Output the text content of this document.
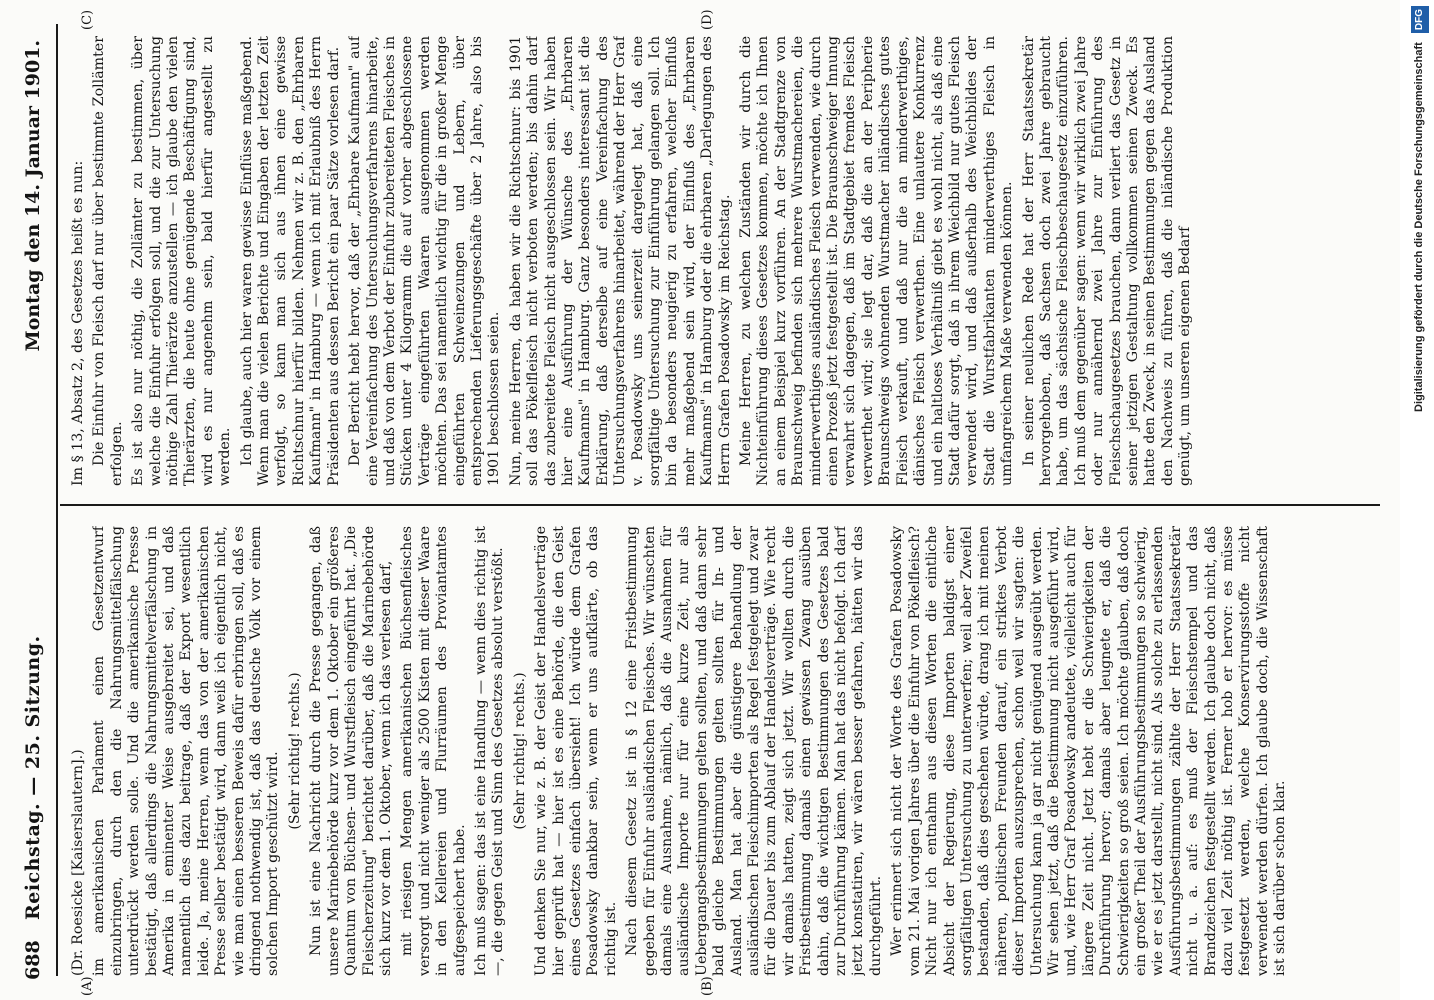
688
Reichstag. — 25. Sitzung.
Montag den 14. Januar 1901.
(A)	(B)
(C)	(D)

(Dr. Roesicke [Kaiserslautern].) im amerikanischen Parlament einen Gesetzentwurf einzubringen, durch den die Nahrungsmittelfälschung unterdrückt werden solle. Und die amerikanische Presse bestätigt, daß allerdings die Nahrungsmittelverfälschung in Amerika in eminenter Weise ausgebreitet sei, und daß namentlich dies dazu beitrage, daß der Export wesentlich leide. Ja, meine Herren, wenn das von der amerikanischen Presse selber bestätigt wird, dann weiß ich eigentlich nicht, wie man einen besseren Beweis dafür erbringen soll, daß es dringend nothwendig ist, daß das deutsche Volk vor einem solchen Import geschützt wird.

(Sehr richtig! rechts.) Nun ist eine Nachricht durch die Presse gegangen, daß unsere Marinebehörde kurz vor dem 1. Oktober ein größeres Quantum von Büchsen- und Wurstfleisch eingeführt hat. „Die Fleischerzeitung" berichtet darüber, daß die Marinebehörde sich kurz vor dem 1. Oktober, wenn ich das verlesen darf, mit riesigen Mengen amerikanischen Büchsenfleisches versorgt und nicht weniger als 2500 Kisten mit dieser Waare in den Kellereien und Flurräumen des Proviantamtes aufgespeichert habe. Ich muß sagen: das ist eine Handlung — wenn dies richtig ist —, die gegen Geist und Sinn des Gesetzes absolut verstößt. (Sehr richtig! rechts.) Und denken Sie nur, wie z. B. der Geist der Handelsverträge hier geprüft hat — hier ist es eine Behörde, die den Geist eines Gesetzes einfach übersieht! Ich würde dem Grafen Posadowsky dankbar sein, wenn er uns aufklärte, ob das richtig ist. Nach diesem Gesetz ist in § 12 eine Fristbestimmung gegeben für Einfuhr ausländischen Fleisches. Wir wünschten damals eine Ausnahme, nämlich, daß die Ausnahmen für ausländische Importe nur für eine kurze Zeit, nur als Uebergangsbestimmungen gelten sollten, und daß dann sehr bald gleiche Bestimmungen gelten sollten für In- und Ausland. Man hat aber die günstigere Behandlung der ausländischen Fleischimporten als Regel festgelegt und zwar für die Dauer bis zum Ablauf der Handelsverträge. Wie recht wir damals hatten, zeigt sich jetzt. Wir wollten durch die Fristbestimmung damals einen gewissen Zwang ausüben dahin, daß die wichtigen Bestimmungen des Gesetzes bald zur Durchführung kämen. Man hat das nicht befolgt. Ich darf jetzt konstatiren, wir wären besser gefahren, hätten wir das durchgeführt. Wer erinnert sich nicht der Worte des Grafen Posadowsky vom 21. Mai vorigen Jahres über die Einfuhr von Pökelfleisch? Nicht nur ich entnahm aus diesen Worten die eintliche Absicht der Regierung, diese Importen baldigst einer sorgfältigen Untersuchung zu unterwerfen; weil aber Zweifel bestanden, daß dies geschehen würde, drang ich mit meinen näheren, politischen Freunden darauf, ein striktes Verbot dieser Importen auszusprechen, schon weil wir sagten: die Untersuchung kann ja gar nicht genügend ausgeübt werden. Wir sehen jetzt, daß die Bestimmung nicht ausgeführt wird, und, wie Herr Graf Posadowsky andeutete, vielleicht auch für längere Zeit nicht. Jetzt hebt er die Schwierigkeiten der Durchführung hervor; damals aber leugnete er, daß die Schwierigkeiten so groß seien. Ich möchte glauben, daß doch ein großer Theil der Ausführungsbestimmungen so schwierig, wie er es jetzt darstellt, nicht sind. Als solche zu erlassenden Ausführungsbestimmungen zählte der Herr Staatssekretär nicht u. a. auf: es muß der Fleischstempel und das Brandzeichen festgestellt werden. Ich glaube doch nicht, daß dazu viel Zeit nöthig ist. Ferner hob er hervor: es müsse festgesetzt werden, welche Konservirungsstoffe nicht verwendet werden dürfen. Ich glaube doch, die Wissenschaft ist sich darüber schon klar.

Im § 13, Absatz 2, des Gesetzes heißt es nun: Die Einfuhr von Fleisch darf nur über bestimmte Zollämter erfolgen. Es ist also nur nöthig, die Zollämter zu bestimmen, über welche die Einfuhr erfolgen soll, und die zur Untersuchung nöthige Zahl Thierärzte anzustellen — ich glaube den vielen Thierärzten, die heute ohne genügende Beschäftigung sind, wird es nur angenehm sein, bald hierfür angestellt zu werden. Ich glaube, auch hier waren gewisse Einflüsse maßgebend. Wenn man die vielen Berichte und Eingaben der letzten Zeit verfolgt, so kann man sich aus ihnen eine gewisse Richtschnur hierfür bilden. Nehmen wir z. B. den „Ehrbaren Kaufmann" in Hamburg — wenn ich mit Erlaubniß des Herrn Präsidenten aus dessen Bericht ein paar Sätze vorlesen darf. Der Bericht hebt hervor, daß der „Ehrbare Kaufmann" auf eine Vereinfachung des Untersuchungsverfahrens hinarbeite, und daß von dem Verbot der Einfuhr zubereiteten Fleisches in Stücken unter 4 Kilogramm die auf vorher abgeschlossene Verträge eingeführten Waaren ausgenommen werden möchten. Das sei namentlich wichtig für die in großer Menge eingeführten Schweinezungen und Lebern, über entsprechenden Lieferungsgeschäfte über 2 Jahre, also bis 1901 beschlossen seien. Nun, meine Herren, da haben wir die Richtschnur: bis 1901 soll das Pökelfleisch nicht verboten werden; bis dahin darf das zubereitete Fleisch nicht ausgeschlossen sein. Wir haben hier eine Ausführung der Wünsche des „Ehrbaren Kaufmanns" in Hamburg. Ganz besonders interessant ist die Erklärung, daß derselbe auf eine Vereinfachung des Untersuchungsverfahrens hinarbeitet, während der Herr Graf v. Posadowsky uns seinerzeit dargelegt hat, daß eine sorgfältige Untersuchung zur Einführung gelangen soll. Ich bin da besonders neugierig zu erfahren, welcher Einfluß mehr maßgebend sein wird, der Einfluß des „Ehrbaren Kaufmanns" in Hamburg oder die ehrbaren „Darlegungen des Herrn Grafen Posadowsky im Reichstag. Meine Herren, zu welchen Zuständen wir durch die Nichteinführung dieses Gesetzes kommen, möchte ich Ihnen an einem Beispiel kurz vorführen. An der Stadtgrenze von Braunschweig befinden sich mehrere Wurstmachereien, die minderwerthiges ausländisches Fleisch verwenden, wie durch einen Prozeß jetzt festgestellt ist. Die Braunschweiger Innung verwahrt sich dagegen, daß im Stadtgebiet fremdes Fleisch verwerthet wird; sie legt dar, daß die an der Peripherie Braunschweigs wohnenden Wurstmacher inländisches gutes Fleisch verkauft, und daß nur die an minderwerthiges, dänisches Fleisch verwerthen. Eine unlautere Konkurrenz und ein haltloses Verhältniß giebt es wohl nicht, als daß eine Stadt dafür sorgt, daß in ihrem Weichbild nur gutes Fleisch verwendet wird, und daß außerhalb des Weichbildes der Stadt die Wurstfabrikanten minderwerthiges Fleisch in umfangreichem Maße verwenden können. In seiner neulichen Rede hat der Herr Staatssekretär hervorgehoben, daß Sachsen doch zwei Jahre gebraucht habe, um das sächsische Fleischbeschaugesetz einzuführen. Ich muß dem gegenüber sagen: wenn wir wirklich zwei Jahre oder nur annähernd zwei Jahre zur Einführung des Fleischschaugesetzes brauchen, dann verliert das Gesetz in seiner jetzigen Gestaltung vollkommen seinen Zweck. Es hatte den Zweck, in seinen Bestimmungen gegen das Ausland den Nachweis zu führen, daß die inländische Produktion genügt, um unseren eigenen Bedarf	Digitalisierung gefördert durch die Deutsche Forschungsgemeinschaft DFG
